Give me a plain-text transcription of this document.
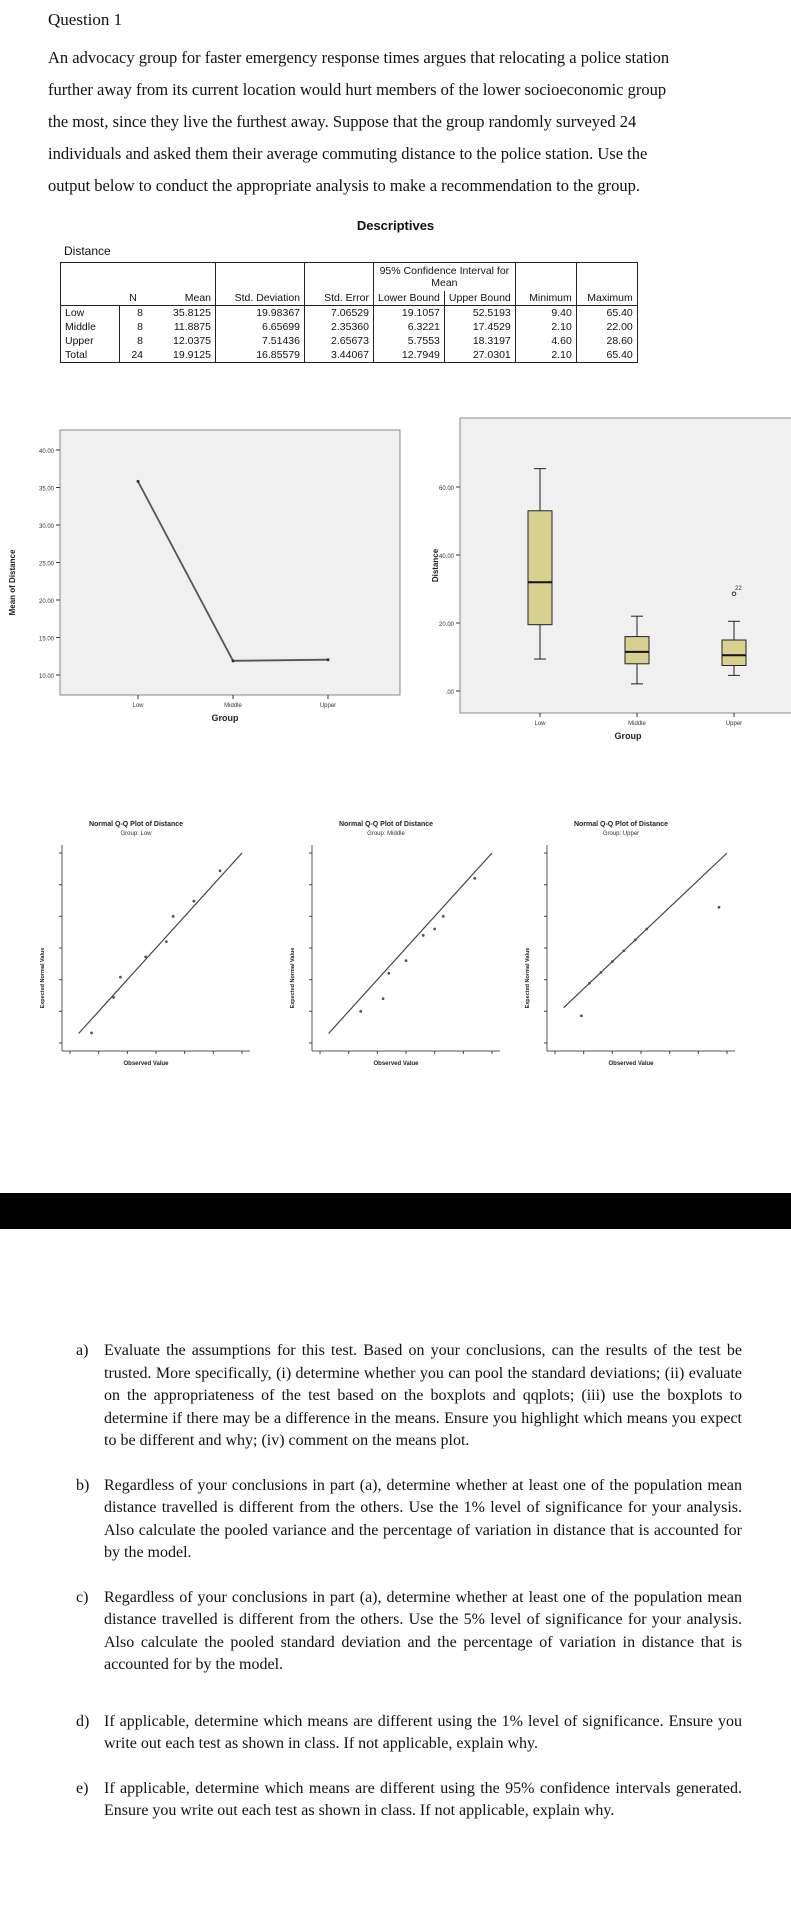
Question 1
An advocacy group for faster emergency response times argues that relocating a police station
further away from its current location would hurt members of the lower socioeconomic group
the most, since they live the furthest away. Suppose that the group randomly surveyed 24
individuals and asked them their average commuting distance to the police station. Use the
output below to conduct the appropriate analysis to make a recommendation to the group.
Descriptives
Distance
					95% Confidence Interval for
Mean			
	N	Mean	Std. Deviation	Std. Error	Lower Bound	Upper Bound	Minimum	Maximum
Low	8	35.8125	19.98367	7.06529	19.1057	52.5193	9.40	65.40
Middle	8	11.8875	6.65699	2.35360	6.3221	17.4529	2.10	22.00
Upper	8	12.0375	7.51436	2.65673	5.7553	18.3197	4.60	28.60
Total	24	19.9125	16.85579	3.44067	12.7949	27.0301	2.10	65.40
10.00
15.00
20.00
25.00
30.00
35.00
40.00
Low	Middle	Upper
Group
Mean of Distance
.00
20.00
40.00
60.00
Low	Middle	Upper
22
Group
Distance
Normal Q-Q Plot of Distance
Group: Low
Observed Value
Expected Normal Value
Normal Q-Q Plot of Distance
Group: Middle
Observed Value
Expected Normal Value
Normal Q-Q Plot of Distance
Group: Upper
Observed Value
Expected Normal Value
a) Evaluate the assumptions for this test. Based on your conclusions, can the results of the test be trusted. More specifically, (i) determine whether you can pool the standard deviations; (ii) evaluate on the appropriateness of the test based on the boxplots and qqplots; (iii) use the boxplots to determine if there may be a difference in the means. Ensure you highlight which means you expect to be different and why; (iv) comment on the means plot.
b) Regardless of your conclusions in part (a), determine whether at least one of the population mean distance travelled is different from the others. Use the 1% level of significance for your analysis. Also calculate the pooled variance and the percentage of variation in distance that is accounted for by the model.
c) Regardless of your conclusions in part (a), determine whether at least one of the population mean distance travelled is different from the others. Use the 5% level of significance for your analysis. Also calculate the pooled standard deviation and the percentage of variation in distance that is accounted for by the model.
d) If applicable, determine which means are different using the 1% level of significance. Ensure you write out each test as shown in class. If not applicable, explain why.
e) If applicable, determine which means are different using the 95% confidence intervals generated. Ensure you write out each test as shown in class. If not applicable, explain why.
